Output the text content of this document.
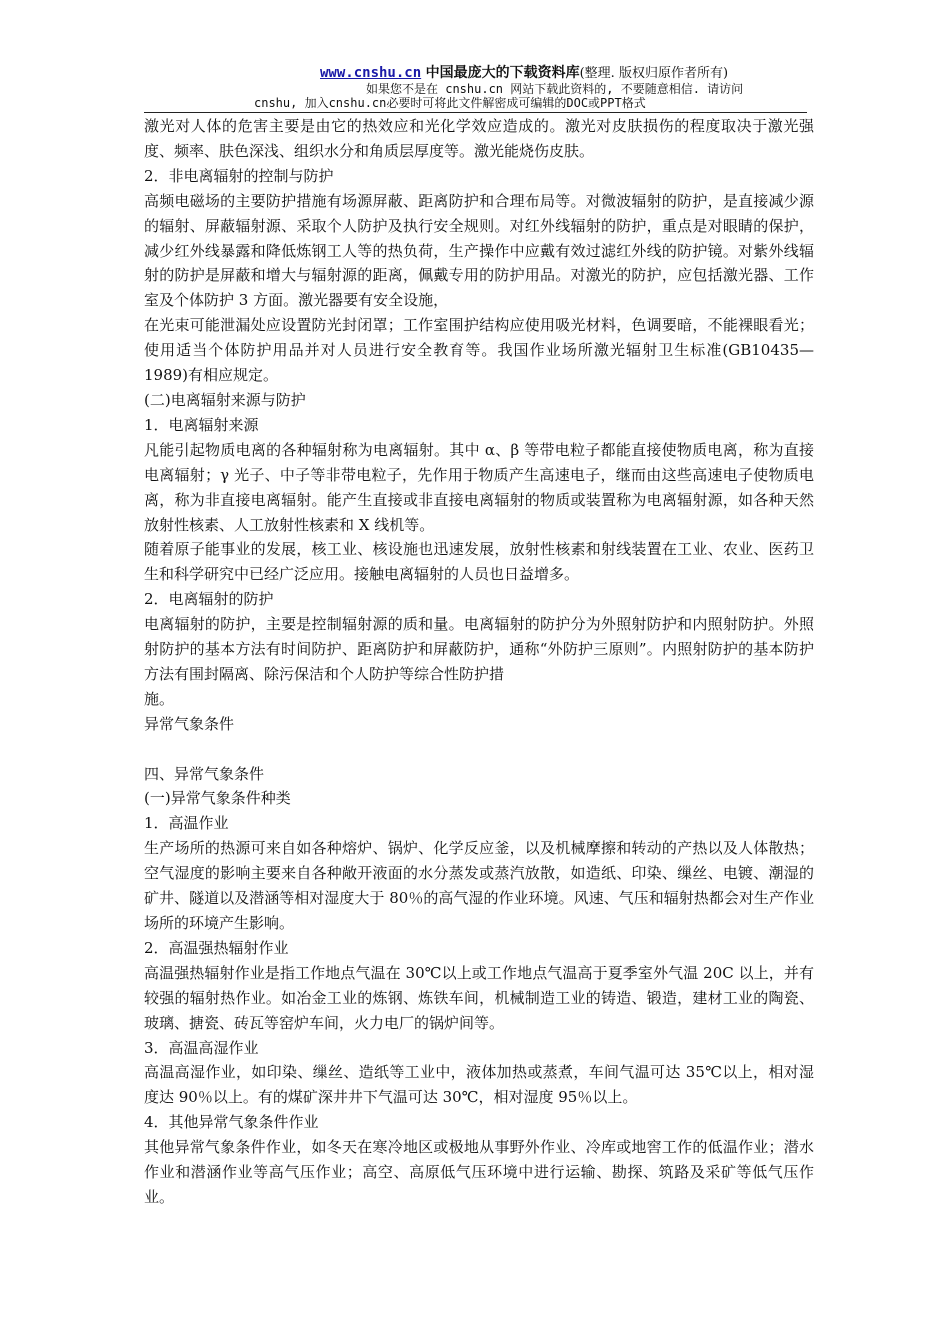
www.cnshu.cn 中国最庞大的下载资料库(整理. 版权归原作者所有)
如果您不是在 cnshu.cn 网站下载此资料的, 不要随意相信. 请访问
cnshu, 加入cnshu.cn必要时可将此文件解密成可编辑的DOC或PPT格式

激光对人体的危害主要是由它的热效应和光化学效应造成的。激光对皮肤损伤的程度取决于激光强度、频率、肤色深浅、组织水分和角质层厚度等。激光能烧伤皮肤。

2．非电离辐射的控制与防护

高频电磁场的主要防护措施有场源屏蔽、距离防护和合理布局等。对微波辐射的防护，是直接减少源的辐射、屏蔽辐射源、采取个人防护及执行安全规则。对红外线辐射的防护，重点是对眼睛的保护，减少红外线暴露和降低炼钢工人等的热负荷，生产操作中应戴有效过滤红外线的防护镜。对紫外线辐射的防护是屏蔽和增大与辐射源的距离，佩戴专用的防护用品。对激光的防护，应包括激光器、工作室及个体防护 3 方面。激光器要有安全设施，

在光束可能泄漏处应设置防光封闭罩；工作室围护结构应使用吸光材料，色调要暗，不能裸眼看光；使用适当个体防护用品并对人员进行安全教育等。我国作业场所激光辐射卫生标准(GB10435—1989)有相应规定。

(二)电离辐射来源与防护

1．电离辐射来源

凡能引起物质电离的各种辐射称为电离辐射。其中 α、β 等带电粒子都能直接使物质电离，称为直接电离辐射；γ 光子、中子等非带电粒子，先作用于物质产生高速电子，继而由这些高速电子使物质电离，称为非直接电离辐射。能产生直接或非直接电离辐射的物质或装置称为电离辐射源，如各种天然放射性核素、人工放射性核素和 X 线机等。

随着原子能事业的发展，核工业、核设施也迅速发展，放射性核素和射线装置在工业、农业、医药卫生和科学研究中已经广泛应用。接触电离辐射的人员也日益增多。

2．电离辐射的防护

电离辐射的防护，主要是控制辐射源的质和量。电离辐射的防护分为外照射防护和内照射防护。外照射防护的基本方法有时间防护、距离防护和屏蔽防护，通称“外防护三原则”。内照射防护的基本防护方法有围封隔离、除污保洁和个人防护等综合性防护措

施。

异常气象条件

四、异常气象条件

(一)异常气象条件种类

1．高温作业

生产场所的热源可来自如各种熔炉、锅炉、化学反应釜，以及机械摩擦和转动的产热以及人体散热；空气湿度的影响主要来自各种敞开液面的水分蒸发或蒸汽放散，如造纸、印染、缫丝、电镀、潮湿的矿井、隧道以及潜涵等相对湿度大于 80％的高气湿的作业环境。风速、气压和辐射热都会对生产作业场所的环境产生影响。

2．高温强热辐射作业

高温强热辐射作业是指工作地点气温在 30℃以上或工作地点气温高于夏季室外气温 20C 以上，并有较强的辐射热作业。如冶金工业的炼钢、炼铁车间，机械制造工业的铸造、锻造，建材工业的陶瓷、玻璃、搪瓷、砖瓦等窑炉车间，火力电厂的锅炉间等。

3．高温高湿作业

高温高湿作业，如印染、缫丝、造纸等工业中，液体加热或蒸煮，车间气温可达 35℃以上，相对湿度达 90％以上。有的煤矿深井井下气温可达 30℃，相对湿度 95％以上。

4．其他异常气象条件作业

其他异常气象条件作业，如冬天在寒冷地区或极地从事野外作业、冷库或地窖工作的低温作业；潜水作业和潜涵作业等高气压作业；高空、高原低气压环境中进行运输、勘探、筑路及采矿等低气压作业。
